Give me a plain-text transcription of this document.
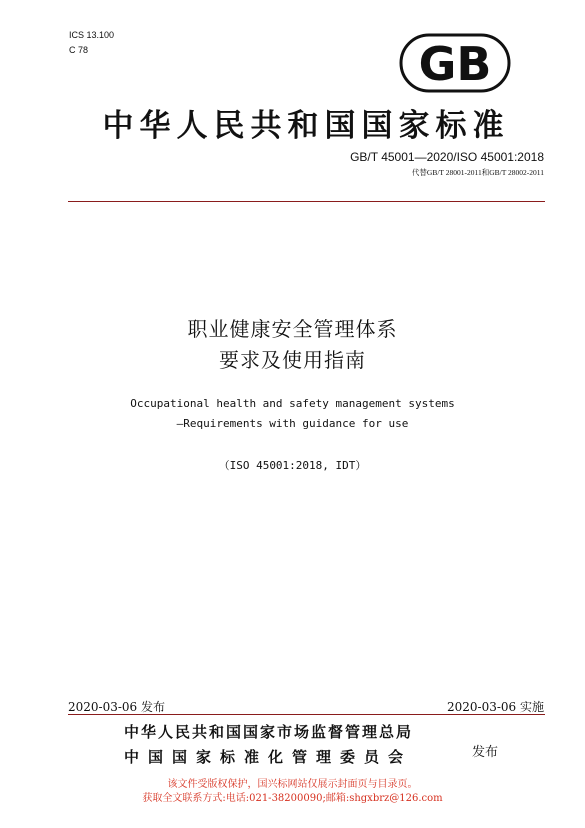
ICS 13.100
C 78	GB
中华人民共和国国家标准
GB/T 45001—2020/ISO 45001:2018
代替GB/T 28001-2011和GB/T 28002-2011
职业健康安全管理体系
要求及使用指南
Occupational health and safety management systems
—Requirements with guidance for use
（ISO 45001:2018, IDT）
2020-03-06 发布	2020-03-06 实施
中华人民共和国国家市场监督管理总局
中国国家标准化管理委员会	发布
该文件受版权保护，国兴标网站仅展示封面页与目录页。
获取全文联系方式:电话:021-38200090;邮箱:shgxbrz@126.com
